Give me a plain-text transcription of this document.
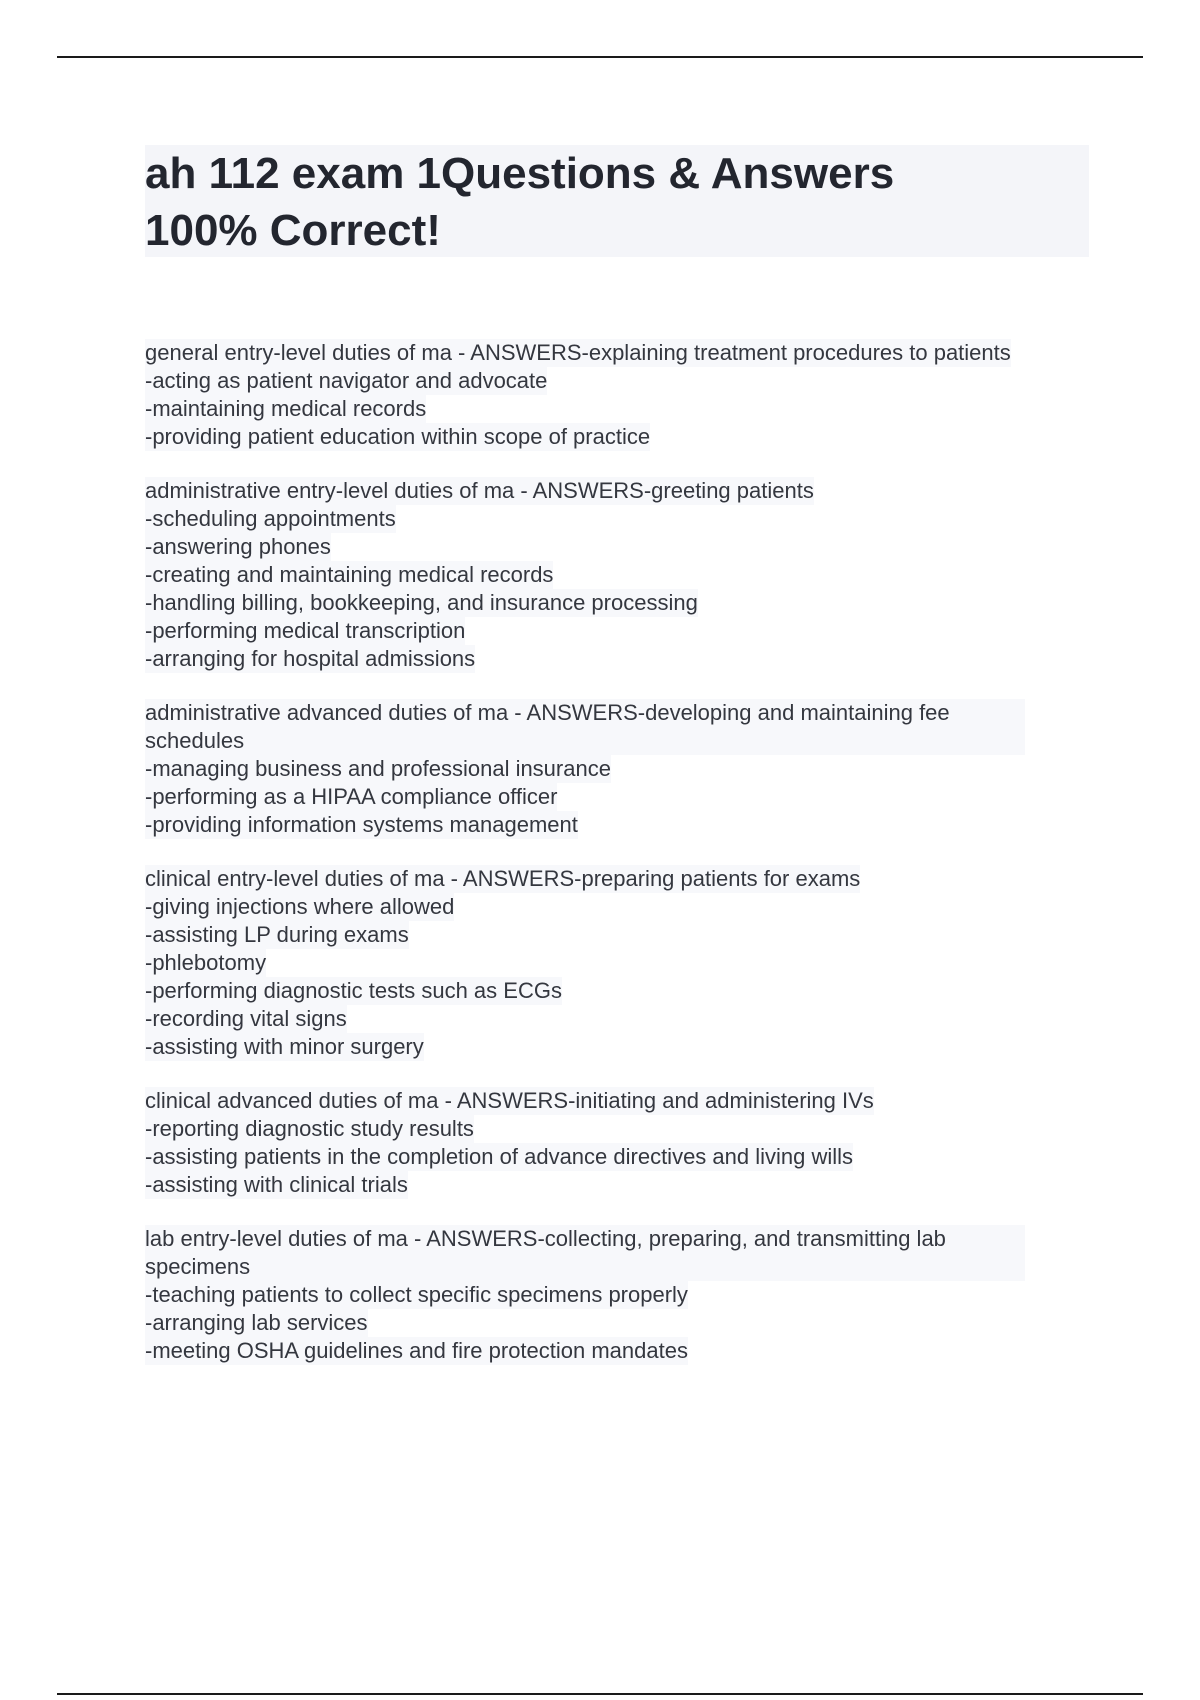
ah 112 exam 1Questions & Answers
100% Correct!
general entry-level duties of ma - ANSWERS-explaining treatment procedures to patients
-acting as patient navigator and advocate
-maintaining medical records
-providing patient education within scope of practice
administrative entry-level duties of ma - ANSWERS-greeting patients
-scheduling appointments
-answering phones
-creating and maintaining medical records
-handling billing, bookkeeping, and insurance processing
-performing medical transcription
-arranging for hospital admissions
administrative advanced duties of ma - ANSWERS-developing and maintaining fee schedules
-managing business and professional insurance
-performing as a HIPAA compliance officer
-providing information systems management
clinical entry-level duties of ma - ANSWERS-preparing patients for exams
-giving injections where allowed
-assisting LP during exams
-phlebotomy
-performing diagnostic tests such as ECGs
-recording vital signs
-assisting with minor surgery
clinical advanced duties of ma - ANSWERS-initiating and administering IVs
-reporting diagnostic study results
-assisting patients in the completion of advance directives and living wills
-assisting with clinical trials
lab entry-level duties of ma - ANSWERS-collecting, preparing, and transmitting lab specimens
-teaching patients to collect specific specimens properly
-arranging lab services
-meeting OSHA guidelines and fire protection mandates
